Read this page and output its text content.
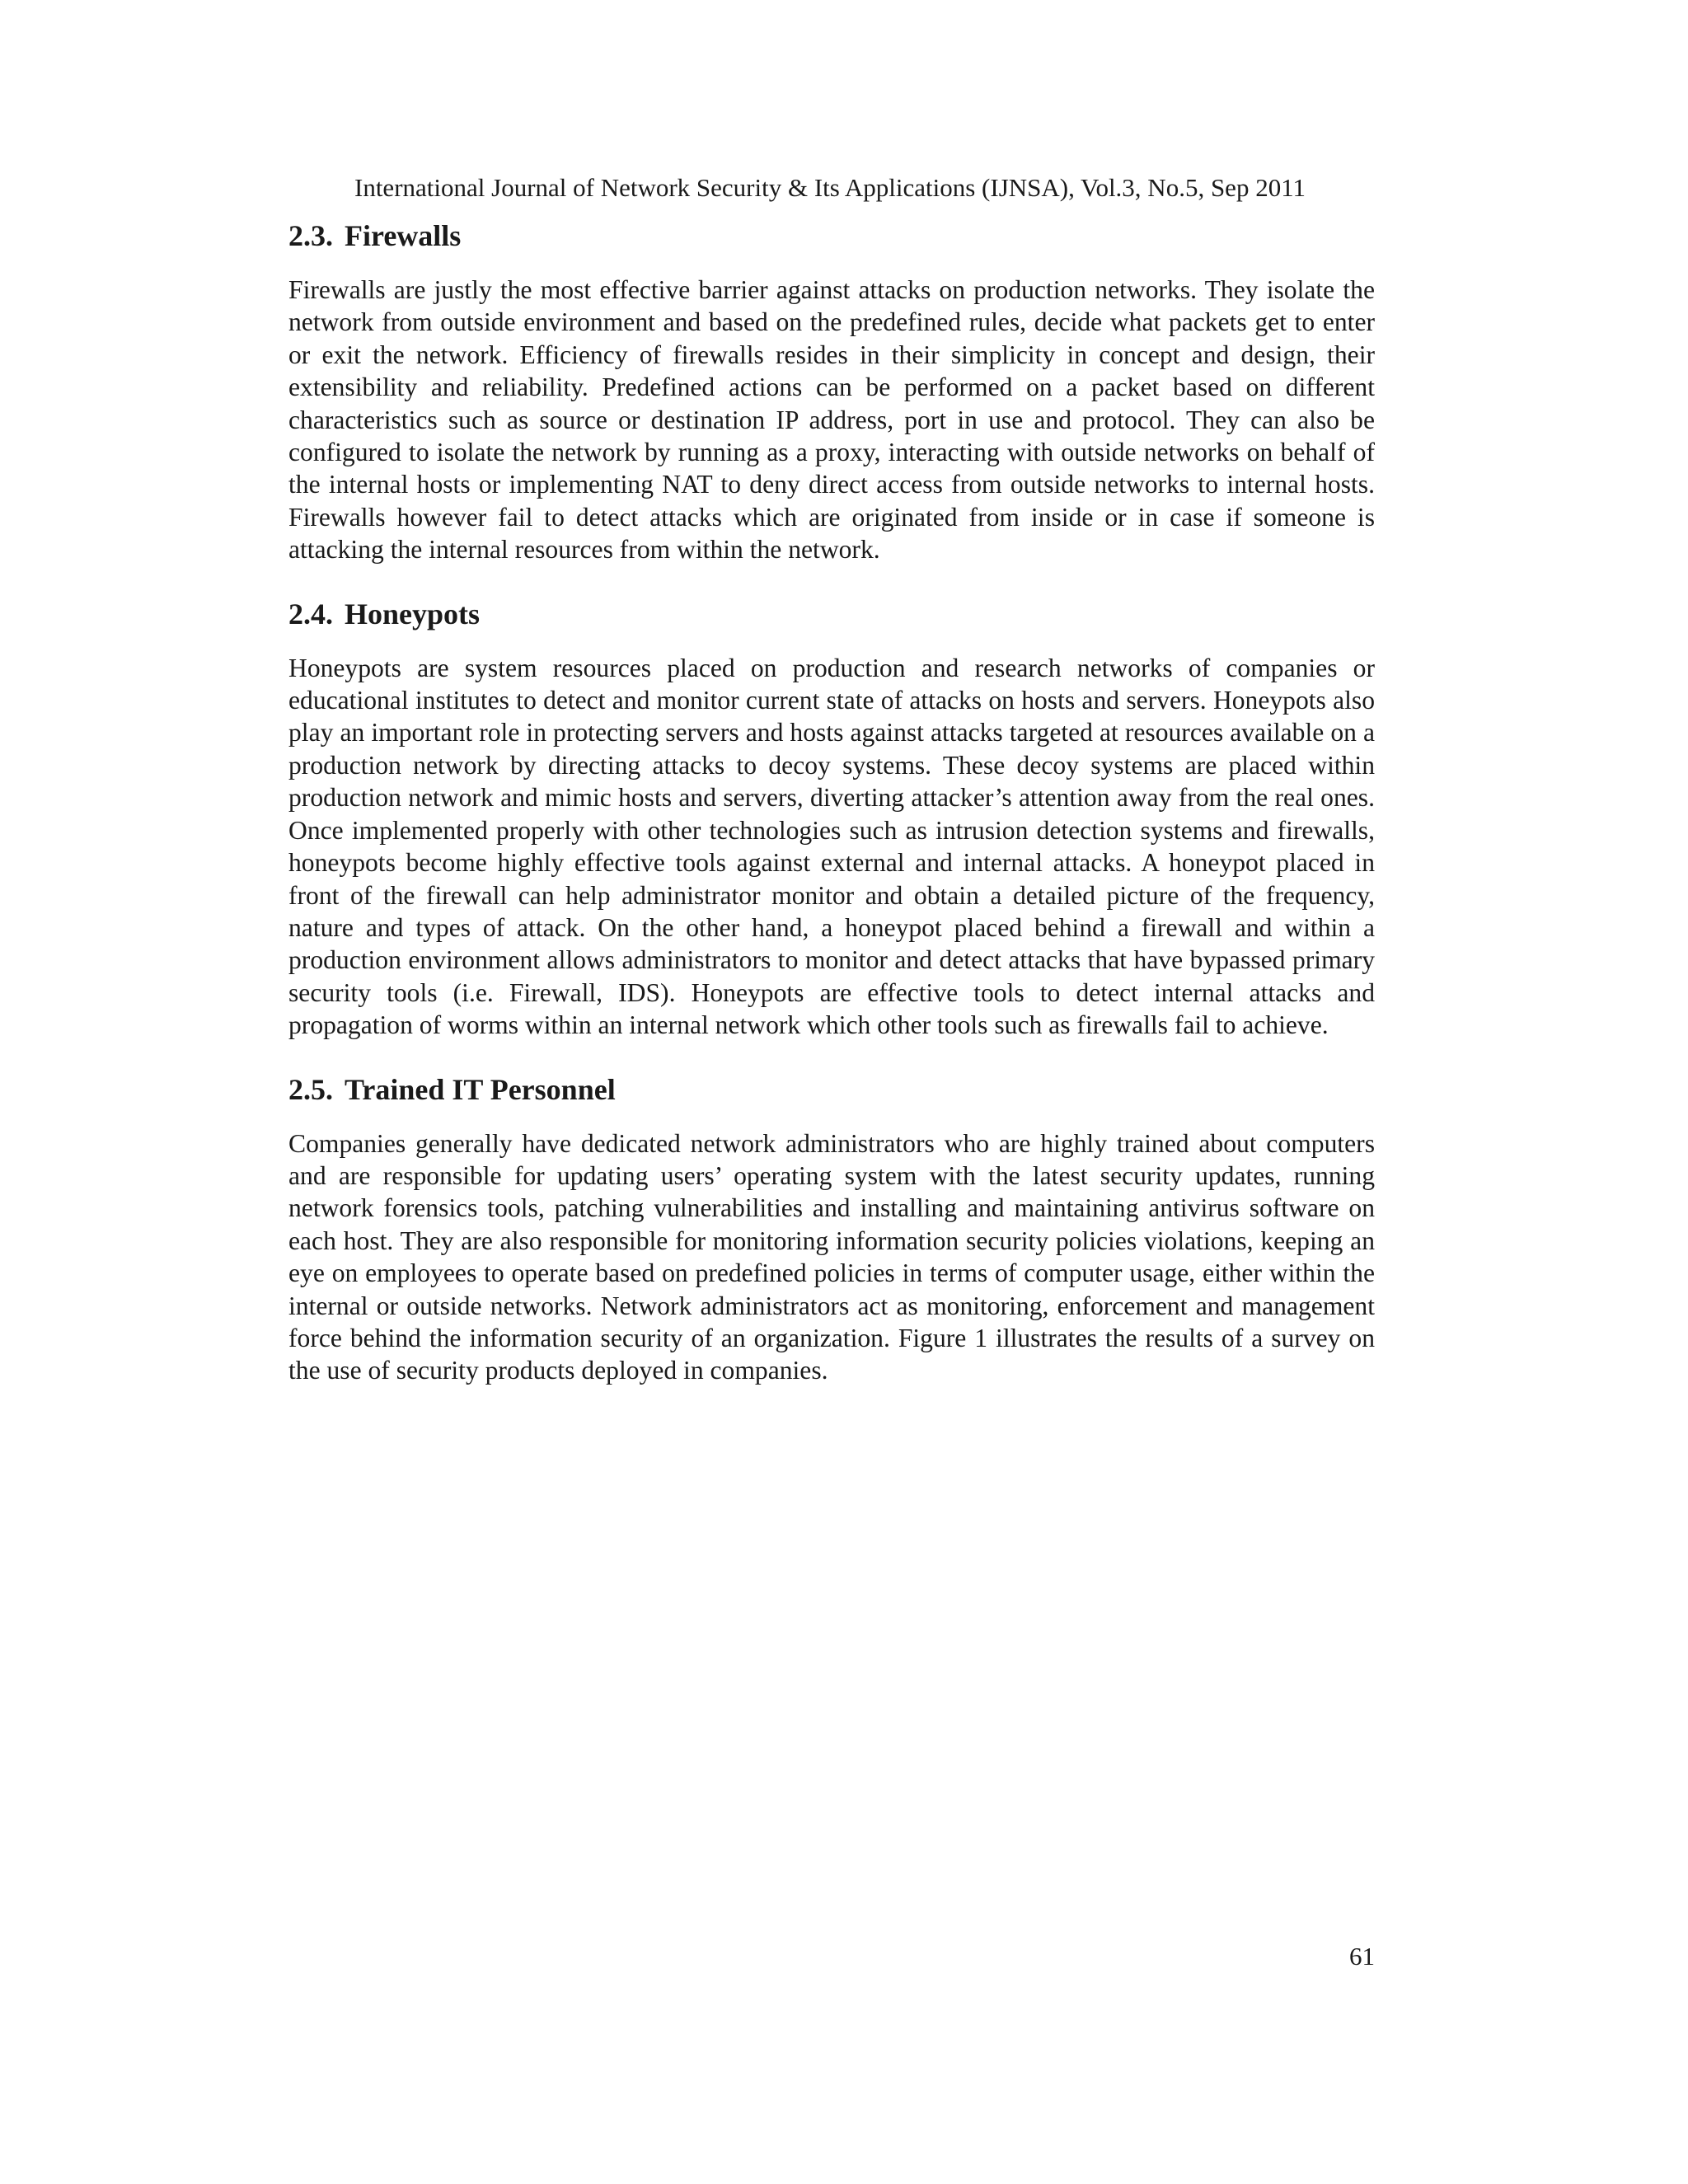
International Journal of Network Security & Its Applications (IJNSA), Vol.3, No.5, Sep 2011
2.3. Firewalls

Firewalls are justly the most effective barrier against attacks on production networks. They isolate the network from outside environment and based on the predefined rules, decide what packets get to enter or exit the network. Efficiency of firewalls resides in their simplicity in concept and design, their extensibility and reliability. Predefined actions can be performed on a packet based on different characteristics such as source or destination IP address, port in use and protocol. They can also be configured to isolate the network by running as a proxy, interacting with outside networks on behalf of the internal hosts or implementing NAT to deny direct access from outside networks to internal hosts. Firewalls however fail to detect attacks which are originated from inside or in case if someone is attacking the internal resources from within the network.

2.4. Honeypots

Honeypots are system resources placed on production and research networks of companies or educational institutes to detect and monitor current state of attacks on hosts and servers. Honeypots also play an important role in protecting servers and hosts against attacks targeted at resources available on a production network by directing attacks to decoy systems. These decoy systems are placed within production network and mimic hosts and servers, diverting attacker’s attention away from the real ones. Once implemented properly with other technologies such as intrusion detection systems and firewalls, honeypots become highly effective tools against external and internal attacks. A honeypot placed in front of the firewall can help administrator monitor and obtain a detailed picture of the frequency, nature and types of attack. On the other hand, a honeypot placed behind a firewall and within a production environment allows administrators to monitor and detect attacks that have bypassed primary security tools (i.e. Firewall, IDS). Honeypots are effective tools to detect internal attacks and propagation of worms within an internal network which other tools such as firewalls fail to achieve.

2.5. Trained IT Personnel

Companies generally have dedicated network administrators who are highly trained about computers and are responsible for updating users’ operating system with the latest security updates, running network forensics tools, patching vulnerabilities and installing and maintaining antivirus software on each host. They are also responsible for monitoring information security policies violations, keeping an eye on employees to operate based on predefined policies in terms of computer usage, either within the internal or outside networks. Network administrators act as monitoring, enforcement and management force behind the information security of an organization. Figure 1 illustrates the results of a survey on the use of security products deployed in companies.

61
